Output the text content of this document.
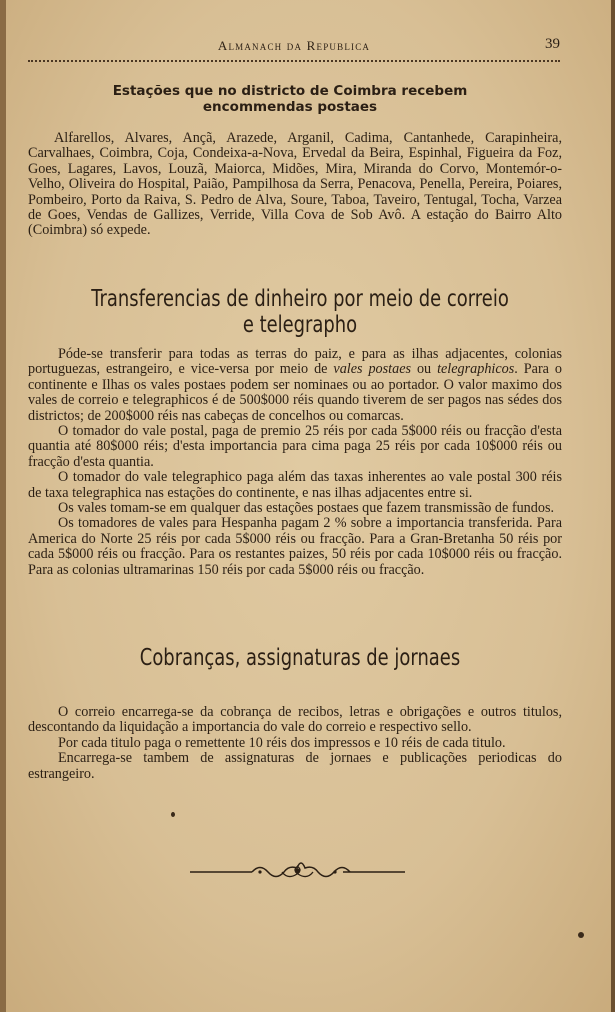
Almanach da Republica	39
Estações que no districto de Coimbra recebem
encommendas postaes

Alfarellos, Alvares, Ançã, Arazede, Arganil, Cadima, Cantanhede, Carapinheira, Carvalhaes, Coimbra, Coja, Condeixa-a-Nova, Ervedal da Beira, Espinhal, Figueira da Foz, Goes, Lagares, Lavos, Louzã, Maiorca, Midões, Mira, Miranda do Corvo, Montemór-o-Velho, Oliveira do Hospital, Paião, Pampilhosa da Serra, Penacova, Penella, Pereira, Poiares, Pombeiro, Porto da Raiva, S. Pedro de Alva, Soure, Taboa, Taveiro, Tentugal, Tocha, Varzea de Goes, Vendas de Gallizes, Verride, Villa Cova de Sob Avô. A estação do Bairro Alto (Coimbra) só expede.

Transferencias de dinheiro por meio de correio e telegrapho
Póde-se transferir para todas as terras do paiz, e para as ilhas adjacentes, colonias portuguezas, estrangeiro, e vice-versa por meio de vales postaes ou telegraphicos. Para o continente e Ilhas os vales postaes podem ser nominaes ou ao portador. O valor maximo dos vales de correio e telegraphicos é de 500$000 réis quando tiverem de ser pagos nas sédes dos districtos; de 200$000 réis nas cabeças de concelhos ou comarcas.
O tomador do vale postal, paga de premio 25 réis por cada 5$000 réis ou fracção d'esta quantia até 80$000 réis; d'esta importancia para cima paga 25 réis por cada 10$000 réis ou fracção d'esta quantia.
O tomador do vale telegraphico paga além das taxas inherentes ao vale postal 300 réis de taxa telegraphica nas estações do continente, e nas ilhas adjacentes entre si.
Os vales tomam-se em qualquer das estações postaes que fazem transmissão de fundos.
Os tomadores de vales para Hespanha pagam 2 % sobre a importancia transferida. Para America do Norte 25 réis por cada 5$000 réis ou fracção. Para a Gran-Bretanha 50 réis por cada 5$000 réis ou fracção. Para os restantes paizes, 50 réis por cada 10$000 réis ou fracção. Para as colonias ultramarinas 150 réis por cada 5$000 réis ou fracção.
Cobranças, assignaturas de jornaes
O correio encarrega-se da cobrança de recibos, letras e obrigações e outros titulos, descontando da liquidação a importancia do vale do correio e respectivo sello.
Por cada titulo paga o remettente 10 réis dos impressos e 10 réis de cada titulo.
Encarrega-se tambem de assignaturas de jornaes e publicações periodicas do estrangeiro.
